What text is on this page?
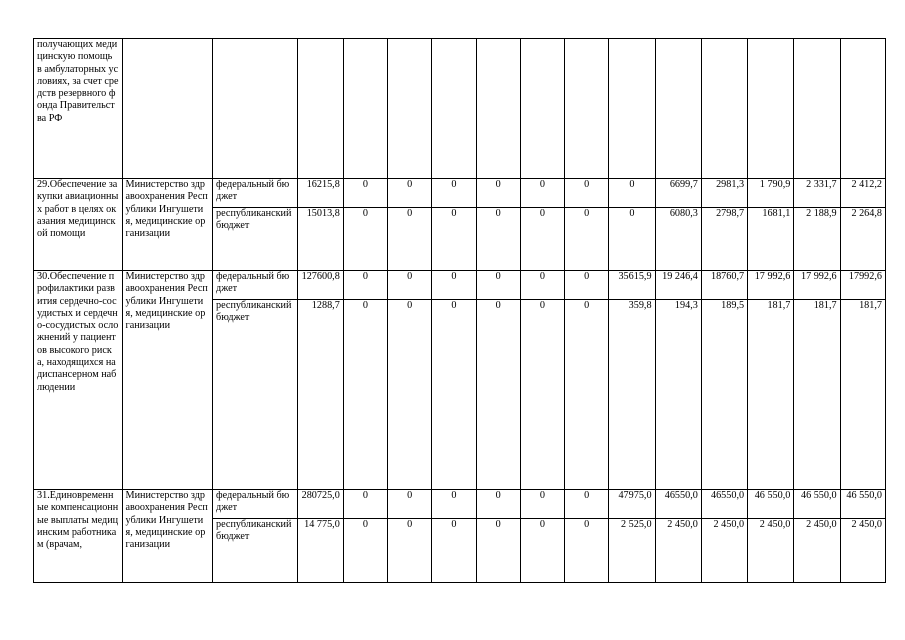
получающих медицинскую помощь в амбулаторных условиях, за счет средств резервного фонда Правительства РФ															
29.Обеспечение закупки авиационных работ в целях оказания медицинской помощи	Министерство здравоохранения Республики Ингушетия, медицинские организации	федеральный бюджет	16215,8	0	0	0	0	0	0	0	6699,7	2981,3	1 790,9	2 331,7	2 412,2
		республиканский бюджет	15013,8	0	0	0	0	0	0	0	6080,3	2798,7	1681,1	2 188,9	2 264,8
30.Обеспечение профилактики развития сердечно-сосудистых и сердечно-сосудистых осложнений у пациентов высокого риска, находящихся на диспансерном наблюдении	Министерство здравоохранения Республики Ингушетия, медицинские организации	федеральный бюджет	127600,8	0	0	0	0	0	0	35615,9	19 246,4	18760,7	17 992,6	17 992,6	17992,6
		республиканский бюджет	1288,7	0	0	0	0	0	0	359,8	194,3	189,5	181,7	181,7	181,7
31.Единовременные компенсационные выплаты медицинским работникам (врачам,	Министерство здравоохранения Республики Ингушетия, медицинские организации	федеральный бюджет	280725,0	0	0	0	0	0	0	47975,0	46550,0	46550,0	46 550,0	46 550,0	46 550,0
		республиканский бюджет	14 775,0	0	0	0	0	0	0	2 525,0	2 450,0	2 450,0	2 450,0	2 450,0	2 450,0
